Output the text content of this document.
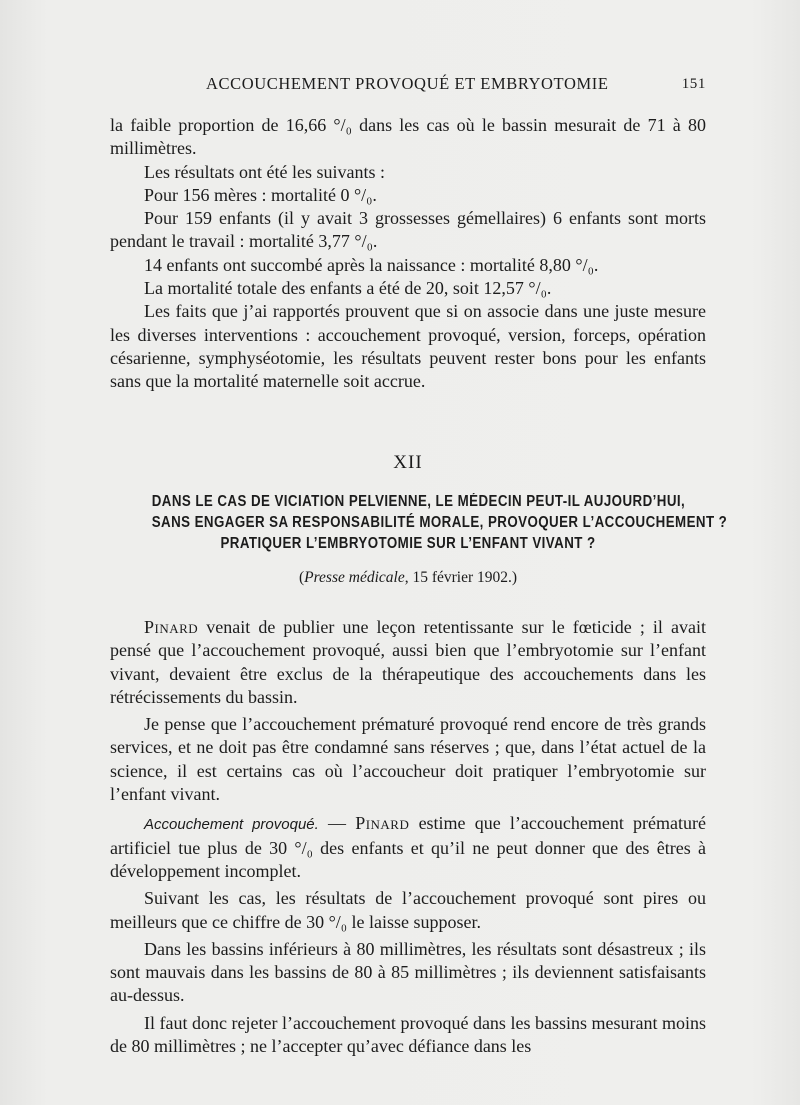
ACCOUCHEMENT PROVOQUÉ ET EMBRYOTOMIE	151

la faible proportion de 16,66 °/₀ dans les cas où le bassin mesurait de 71 à 80 millimètres.

Les résultats ont été les suivants :

Pour 156 mères : mortalité 0 °/₀.

Pour 159 enfants (il y avait 3 grossesses gémellaires) 6 enfants sont morts pendant le travail : mortalité 3,77 °/₀.

14 enfants ont succombé après la naissance : mortalité 8,80 °/₀.

La mortalité totale des enfants a été de 20, soit 12,57 °/₀.

Les faits que j’ai rapportés prouvent que si on associe dans une juste mesure les diverses interventions : accouchement provoqué, version, forceps, opération césarienne, symphyséotomie, les résultats peuvent rester bons pour les enfants sans que la mortalité maternelle soit accrue.

XII
DANS LE CAS DE VICIATION PELVIENNE, LE MÉDECIN PEUT-IL AUJOURD’HUI,
SANS ENGAGER SA RESPONSABILITÉ MORALE, PROVOQUER L’ACCOUCHEMENT ?
PRATIQUER L’EMBRYOTOMIE SUR L’ENFANT VIVANT ?
(Presse médicale, 15 février 1902.)

Pinard venait de publier une leçon retentissante sur le fœticide ; il avait pensé que l’accouchement provoqué, aussi bien que l’embryotomie sur l’enfant vivant, devaient être exclus de la thérapeutique des accouchements dans les rétrécissements du bassin.

Je pense que l’accouchement prématuré provoqué rend encore de très grands services, et ne doit pas être condamné sans réserves ; que, dans l’état actuel de la science, il est certains cas où l’accoucheur doit pratiquer l’embryotomie sur l’enfant vivant.

Accouchement provoqué. — Pinard estime que l’accouchement prématuré artificiel tue plus de 30 °/₀ des enfants et qu’il ne peut donner que des êtres à développement incomplet.

Suivant les cas, les résultats de l’accouchement provoqué sont pires ou meilleurs que ce chiffre de 30 °/₀ le laisse supposer.

Dans les bassins inférieurs à 80 millimètres, les résultats sont désastreux ; ils sont mauvais dans les bassins de 80 à 85 millimètres ; ils deviennent satisfaisants au-dessus.

Il faut donc rejeter l’accouchement provoqué dans les bassins mesurant moins de 80 millimètres ; ne l’accepter qu’avec défiance dans les
